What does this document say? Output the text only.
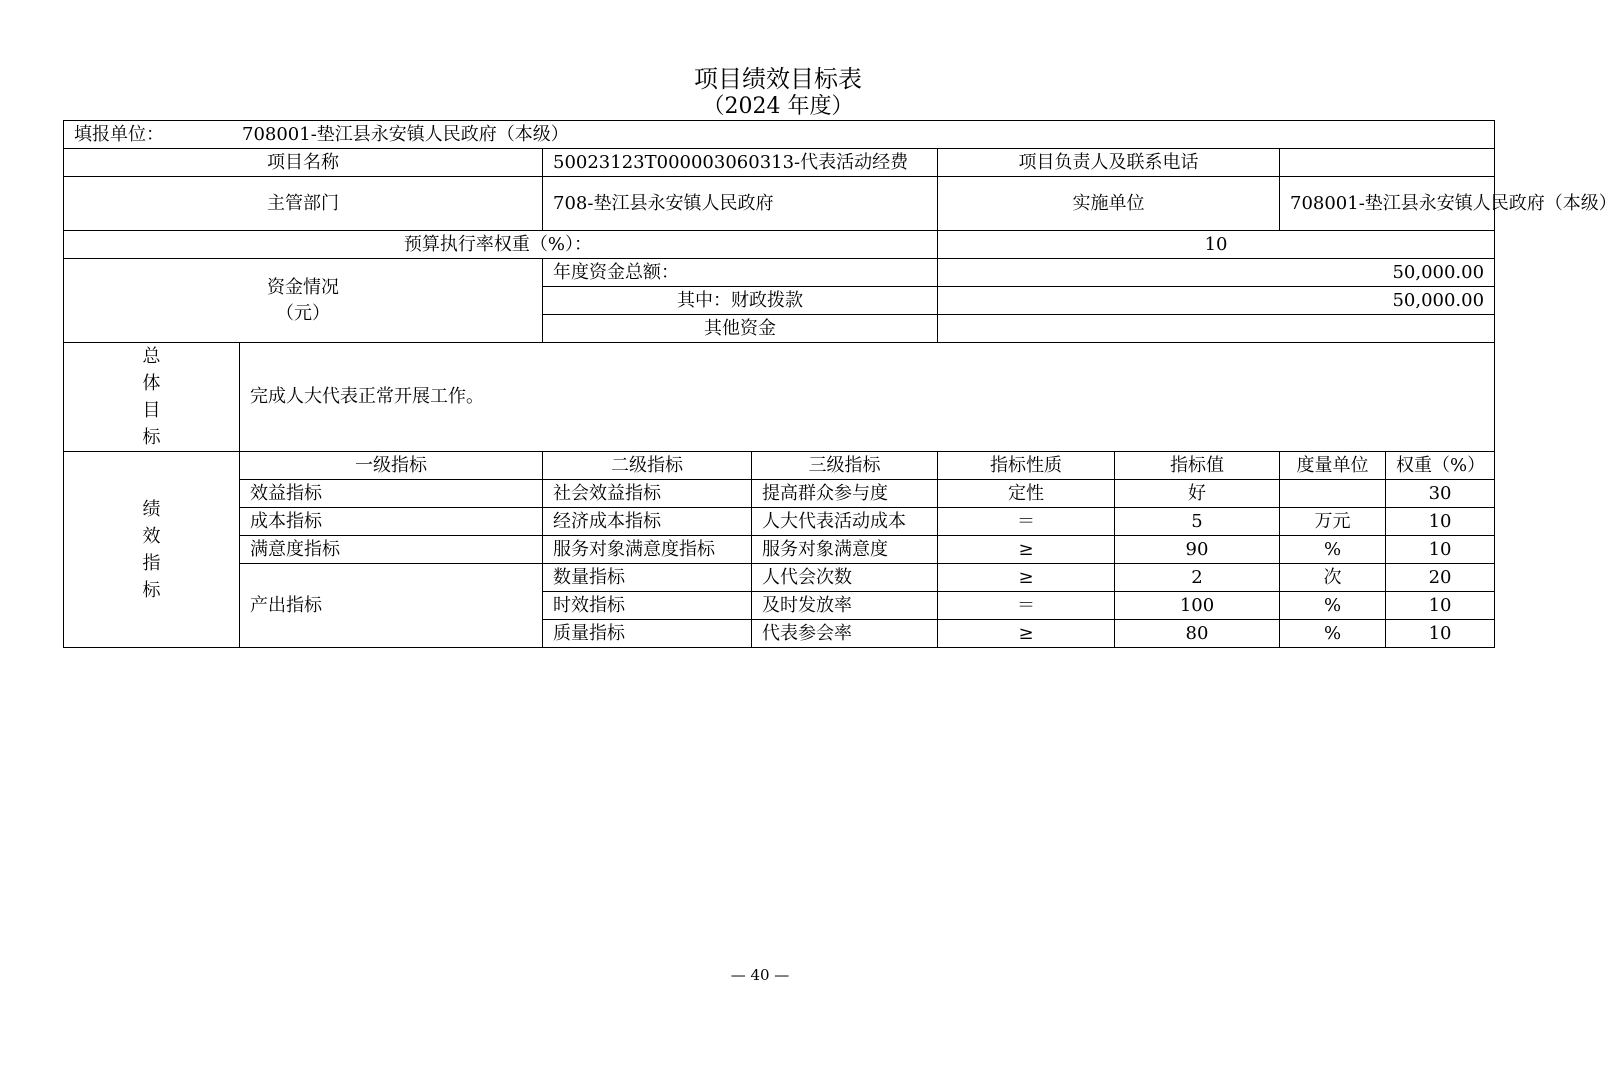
项目绩效目标表
（2024 年度）
填报单位： 708001-垫江县永安镇人民政府（本级）							
项目名称		50023123T000003060313-代表活动经费		项目负责人及联系电话			
主管部门		708-垫江县永安镇人民政府		实施单位		708001-垫江县永安镇人民政府（本级）	
预算执行率权重（%）：				10			

资金情况
（元）		年度资金总额：		50,000.00			
		其中：财政拨款		50,000.00			
		其他资金					

总
体
目
标	完成人大代表正常开展工作。						

绩
效
指
标	一级指标	二级指标	三级指标	指标性质	指标值	度量单位	权重（%）
	效益指标	社会效益指标	提高群众参与度	定性	好		30
	成本指标	经济成本指标	人大代表活动成本	＝	5	万元	10
	满意度指标	服务对象满意度指标	服务对象满意度	≥	90	%	10
	产出指标	数量指标	人代会次数	≥	2	次	20
		时效指标	及时发放率	＝	100	%	10
		质量指标	代表参会率	≥	80	%	10
— 40 —
